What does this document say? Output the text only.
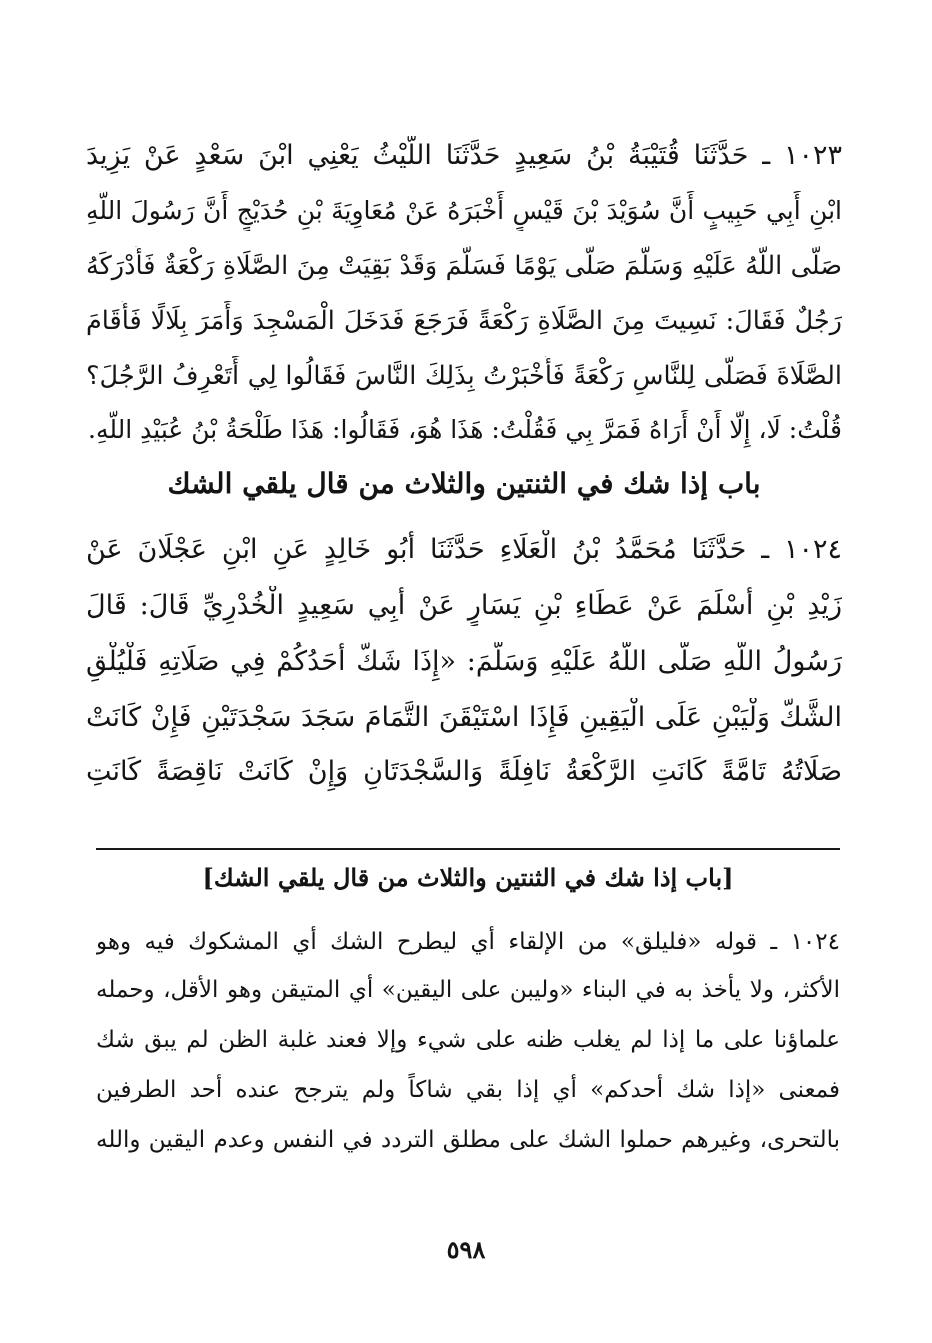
١٠٢٣ ـ حَدَّثَنَا قُتَيْبَةُ بْنُ سَعِيدٍ حَدَّثَنَا اللَّيْثُ يَعْنِي ابْنَ سَعْدٍ عَنْ يَزِيدَ
ابْنِ أَبِي حَبِيبٍ أَنَّ سُوَيْدَ بْنَ قَيْسٍ أَخْبَرَهُ عَنْ مُعَاوِيَةَ بْنِ حُدَيْجٍ أَنَّ رَسُولَ اللَّهِ
صَلَّى اللَّهُ عَلَيْهِ وَسَلَّمَ صَلَّى يَوْمًا فَسَلَّمَ وَقَدْ بَقِيَتْ مِنَ الصَّلَاةِ رَكْعَةٌ فَأَدْرَكَهُ
رَجُلٌ فَقَالَ: نَسِيتَ مِنَ الصَّلَاةِ رَكْعَةً فَرَجَعَ فَدَخَلَ الْمَسْجِدَ وَأَمَرَ بِلَالًا فَأَقَامَ
الصَّلَاةَ فَصَلَّى لِلنَّاسِ رَكْعَةً فَأَخْبَرْتُ بِذَلِكَ النَّاسَ فَقَالُوا لِي أَتَعْرِفُ الرَّجُلَ؟
قُلْتُ: لَا، إِلَّا أَنْ أَرَاهُ فَمَرَّ بِي فَقُلْتُ: هَذَا هُوَ، فَقَالُوا: هَذَا طَلْحَةُ بْنُ عُبَيْدِ اللَّهِ.
باب إذا شك في الثنتين والثلاث من قال يلقي الشك
١٠٢٤ ـ حَدَّثَنَا مُحَمَّدُ بْنُ الْعَلَاءِ حَدَّثَنَا أَبُو خَالِدٍ عَنِ ابْنِ عَجْلَانَ عَنْ
زَيْدِ بْنِ أَسْلَمَ عَنْ عَطَاءِ بْنِ يَسَارٍ عَنْ أَبِي سَعِيدٍ الْخُدْرِيِّ قَالَ: قَالَ
رَسُولُ اللَّهِ صَلَّى اللَّهُ عَلَيْهِ وَسَلَّمَ: «إِذَا شَكَّ أَحَدُكُمْ فِي صَلَاتِهِ فَلْيُلْقِ
الشَّكَّ وَلْيَبْنِ عَلَى الْيَقِينِ فَإِذَا اسْتَيْقَنَ التَّمَامَ سَجَدَ سَجْدَتَيْنِ فَإِنْ كَانَتْ
صَلَاتُهُ تَامَّةً كَانَتِ الرَّكْعَةُ نَافِلَةً وَالسَّجْدَتَانِ وَإِنْ كَانَتْ نَاقِصَةً كَانَتِ
[باب إذا شك في الثنتين والثلاث من قال يلقي الشك]
١٠٢٤ ـ قوله «فليلق» من الإلقاء أي ليطرح الشك أي المشكوك فيه وهو
الأكثر، ولا يأخذ به في البناء «وليبن على اليقين» أي المتيقن وهو الأقل، وحمله
علماؤنا على ما إذا لم يغلب ظنه على شيء وإلا فعند غلبة الظن لم يبق شك
فمعنى «إذا شك أحدكم» أي إذا بقي شاكاً ولم يترجح عنده أحد الطرفين
بالتحرى، وغيرهم حملوا الشك على مطلق التردد في النفس وعدم اليقين والله
٥٩٨
